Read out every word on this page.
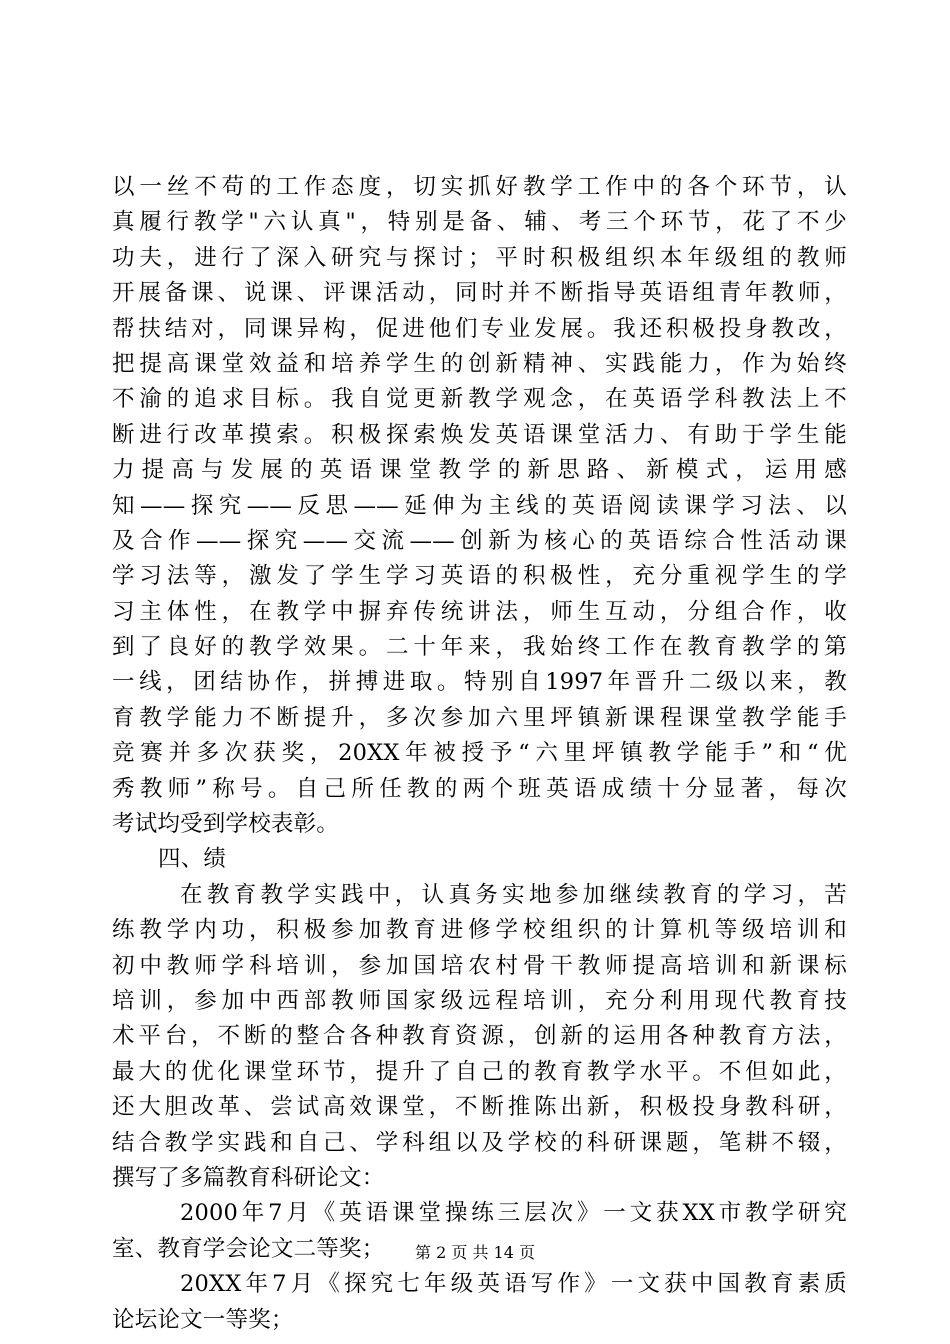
以一丝不苟的工作态度，切实抓好教学工作中的各个环节，认
真履行教学"六认真"，特别是备、辅、考三个环节，花了不少
功夫，进行了深入研究与探讨；平时积极组织本年级组的教师
开展备课、说课、评课活动，同时并不断指导英语组青年教师，
帮扶结对，同课异构，促进他们专业发展。我还积极投身教改，
把提高课堂效益和培养学生的创新精神、实践能力，作为始终
不渝的追求目标。我自觉更新教学观念，在英语学科教法上不
断进行改革摸索。积极探索焕发英语课堂活力、有助于学生能
力提高与发展的英语课堂教学的新思路、新模式，运用感
知——探究——反思——延伸为主线的英语阅读课学习法、以
及合作——探究——交流——创新为核心的英语综合性活动课
学习法等，激发了学生学习英语的积极性，充分重视学生的学
习主体性，在教学中摒弃传统讲法，师生互动，分组合作，收
到了良好的教学效果。二十年来，我始终工作在教育教学的第
一线，团结协作，拼搏进取。特别自1997年晋升二级以来，教
育教学能力不断提升，多次参加六里坪镇新课程课堂教学能手
竞赛并多次获奖，20XX年被授予“六里坪镇教学能手”和“优
秀教师”称号。自己所任教的两个班英语成绩十分显著，每次
考试均受到学校表彰。
四、绩
在教育教学实践中，认真务实地参加继续教育的学习，苦
练教学内功，积极参加教育进修学校组织的计算机等级培训和
初中教师学科培训，参加国培农村骨干教师提高培训和新课标
培训，参加中西部教师国家级远程培训，充分利用现代教育技
术平台，不断的整合各种教育资源，创新的运用各种教育方法，
最大的优化课堂环节，提升了自己的教育教学水平。不但如此，
还大胆改革、尝试高效课堂，不断推陈出新，积极投身教科研，
结合教学实践和自己、学科组以及学校的科研课题，笔耕不辍，
撰写了多篇教育科研论文：
2000年7月《英语课堂操练三层次》一文获XX市教学研究
室、教育学会论文二等奖；
20XX年7月《探究七年级英语写作》一文获中国教育素质
论坛论文一等奖；
第 2 页 共 14 页
